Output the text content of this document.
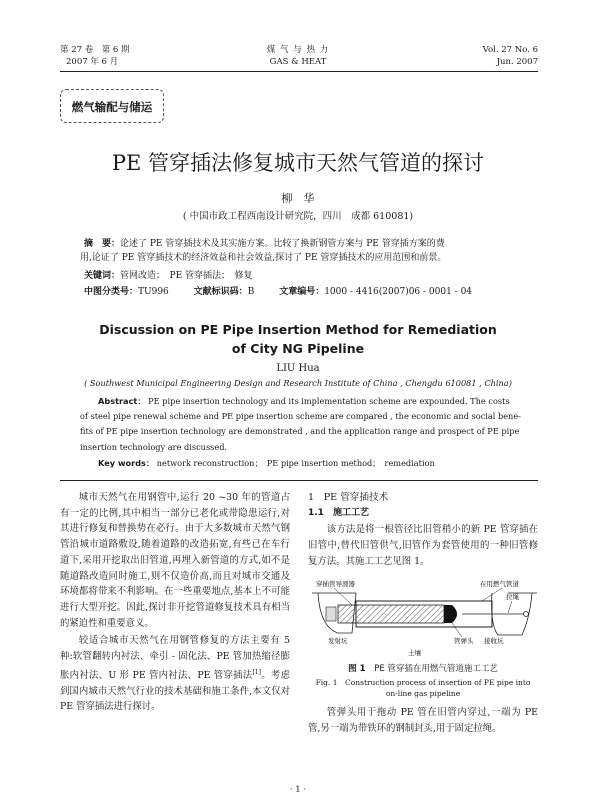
第 27 卷　第 6 期
2007 年 6 月
煤 气 与 热 力
GAS & HEAT
Vol. 27 No. 6
Jun. 2007
燃气输配与储运
PE 管穿插法修复城市天然气管道的探讨
柳　华
( 中国市政工程西南设计研究院，四川　成都 610081)
摘　要：论述了 PE 管穿插技术及其实施方案。比较了换新钢管方案与 PE 管穿插方案的费
用,论证了 PE 管穿插技术的经济效益和社会效益,探讨了 PE 管穿插技术的应用范围和前景。
关键词：管网改造；　PE 管穿插法；　修复
中图分类号：TU996	文献标识码：B	文章编号：1000 - 4416(2007)06 - 0001 - 04
Discussion on PE Pipe Insertion Method for Remediation
of City NG Pipeline
LIU Hua
( Southwest Municipal Engineering Design and Research Institute of China , Chengdu 610081 , China)
Abstract： PE pipe insertion technology and its implementation scheme are expounded. The costs
of steel pipe renewal scheme and PE pipe insertion scheme are compared , the economic and social bene-
fits of PE pipe insertion technology are demonstrated , and the application range and prospect of PE pipe
insertion technology are discussed.
Key words： network reconstruction；　PE pipe insertion method；　remediation

城市天然气在用钢管中,运行 20 ~30 年的管道占有一定的比例,其中相当一部分已老化或带隐患运行,对其进行修复和替换势在必行。由于大多数城市天然气钢管沿城市道路敷设,随着道路的改造拓宽,有些已在车行道下,采用开挖取出旧管道,再埋入新管道的方式,如不是随道路改造同时施工,则不仅造价高,而且对城市交通及环境都将带来不利影响。在一些重要地点,基本上不可能进行大型开挖。因此,探讨非开挖管道修复技术具有相当的紧迫性和重要意义。

较适合城市天然气在用钢管修复的方法主要有 5 种:软管翻转内衬法、牵引 - 固化法、PE 管加热缩径膨胀内衬法、U 形 PE 管内衬法、PE 管穿插法[1]。考虑到国内城市天然气行业的技术基础和施工条件,本文仅对 PE 管穿插法进行探讨。

1　PE 管穿插技术
1.1　施工工艺

该方法是将一根管径比旧管稍小的新 PE 管穿插在旧管中,替代旧管供气,旧管作为套管使用的一种旧管修复方法。其施工工艺见图 1。

穿插管导滑器	在用燃气管道
拉绳
管弹头
发射坑	接收坑
土壤
图 1 PE 管穿插在用燃气管道施工工艺
Fig. 1　Construction process of insertion of PE pipe into
on-line gas pipeline

管弹头用于拖动 PE 管在旧管内穿过,一端为 PE 管,另一端为带铁环的钢制封头,用于固定拉绳。

· 1 ·
